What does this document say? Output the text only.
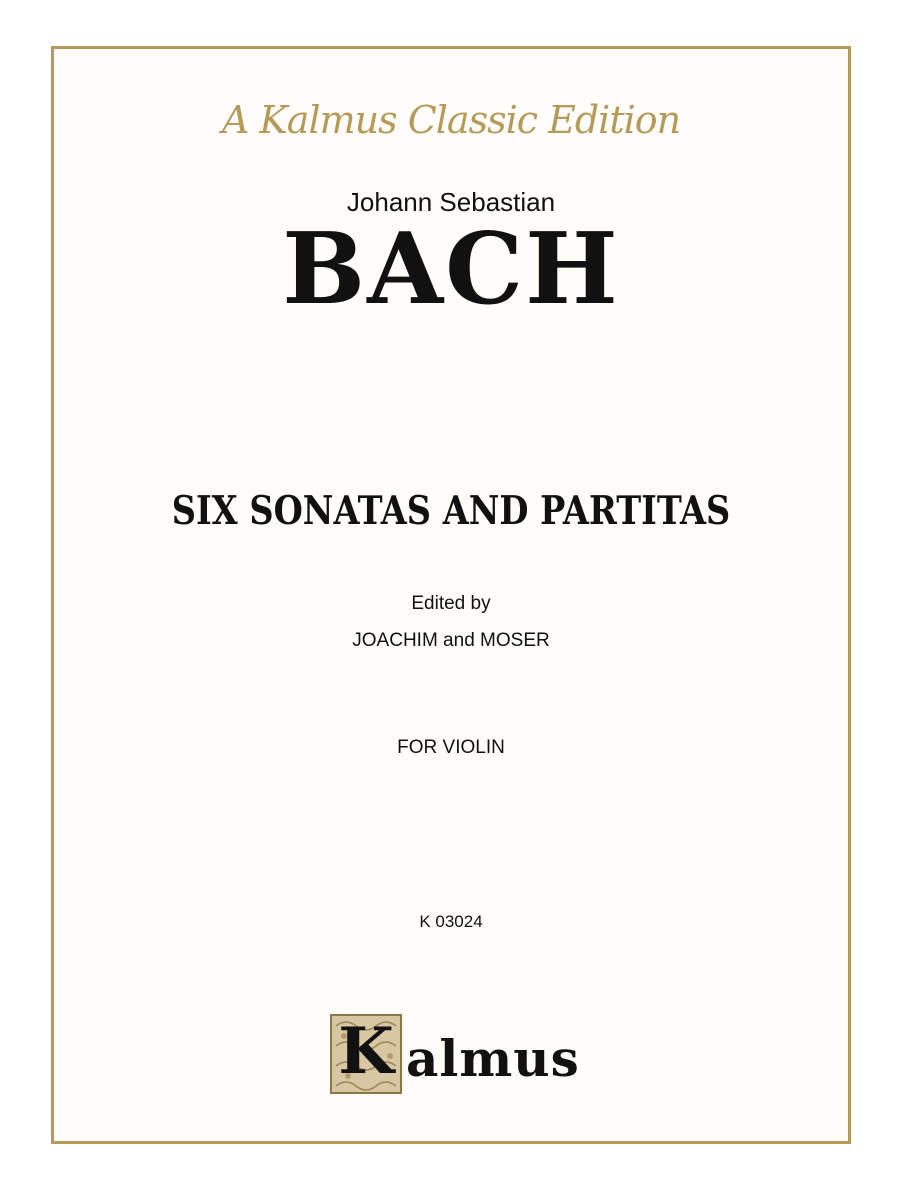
A Kalmus Classic Edition
Johann Sebastian
BACH
SIX SONATAS AND PARTITAS
Edited by
JOACHIM and MOSER
FOR VIOLIN
K 03024
K almus
